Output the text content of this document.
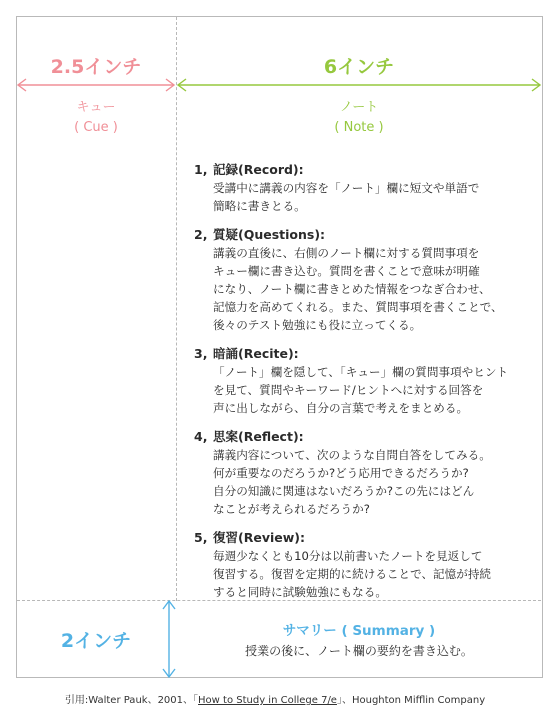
2.5インチ	6インチ
キュー
( Cue )
ノート
( Note )
1, 記録(Record):
受講中に講義の内容を「ノート」欄に短文や単語で
簡略に書きとる。
2, 質疑(Questions):
講義の直後に、右側のノート欄に対する質問事項を
キュー欄に書き込む。質問を書くことで意味が明確
になり、ノート欄に書きとめた情報をつなぎ合わせ、
記憶力を高めてくれる。また、質問事項を書くことで、
後々のテスト勉強にも役に立ってくる。
3, 暗誦(Recite):
「ノート」欄を隠して、「キュー」欄の質問事項やヒント
を見て、質問やキーワード/ヒントへに対する回答を
声に出しながら、自分の言葉で考えをまとめる。
4, 思案(Reflect):
講義内容について、次のような自問自答をしてみる。
何が重要なのだろうか?どう応用できるだろうか?
自分の知識に関連はないだろうか?この先にはどん
なことが考えられるだろうか?
5, 復習(Review):
毎週少なくとも10分は以前書いたノートを見返して
復習する。復習を定期的に続けることで、記憶が持続
すると同時に試験勉強にもなる。
2インチ	サマリー ( Summary )
授業の後に、ノート欄の要約を書き込む。
引用:Walter Pauk、2001、「How to Study in College 7/e」、Houghton Mifflin Company
